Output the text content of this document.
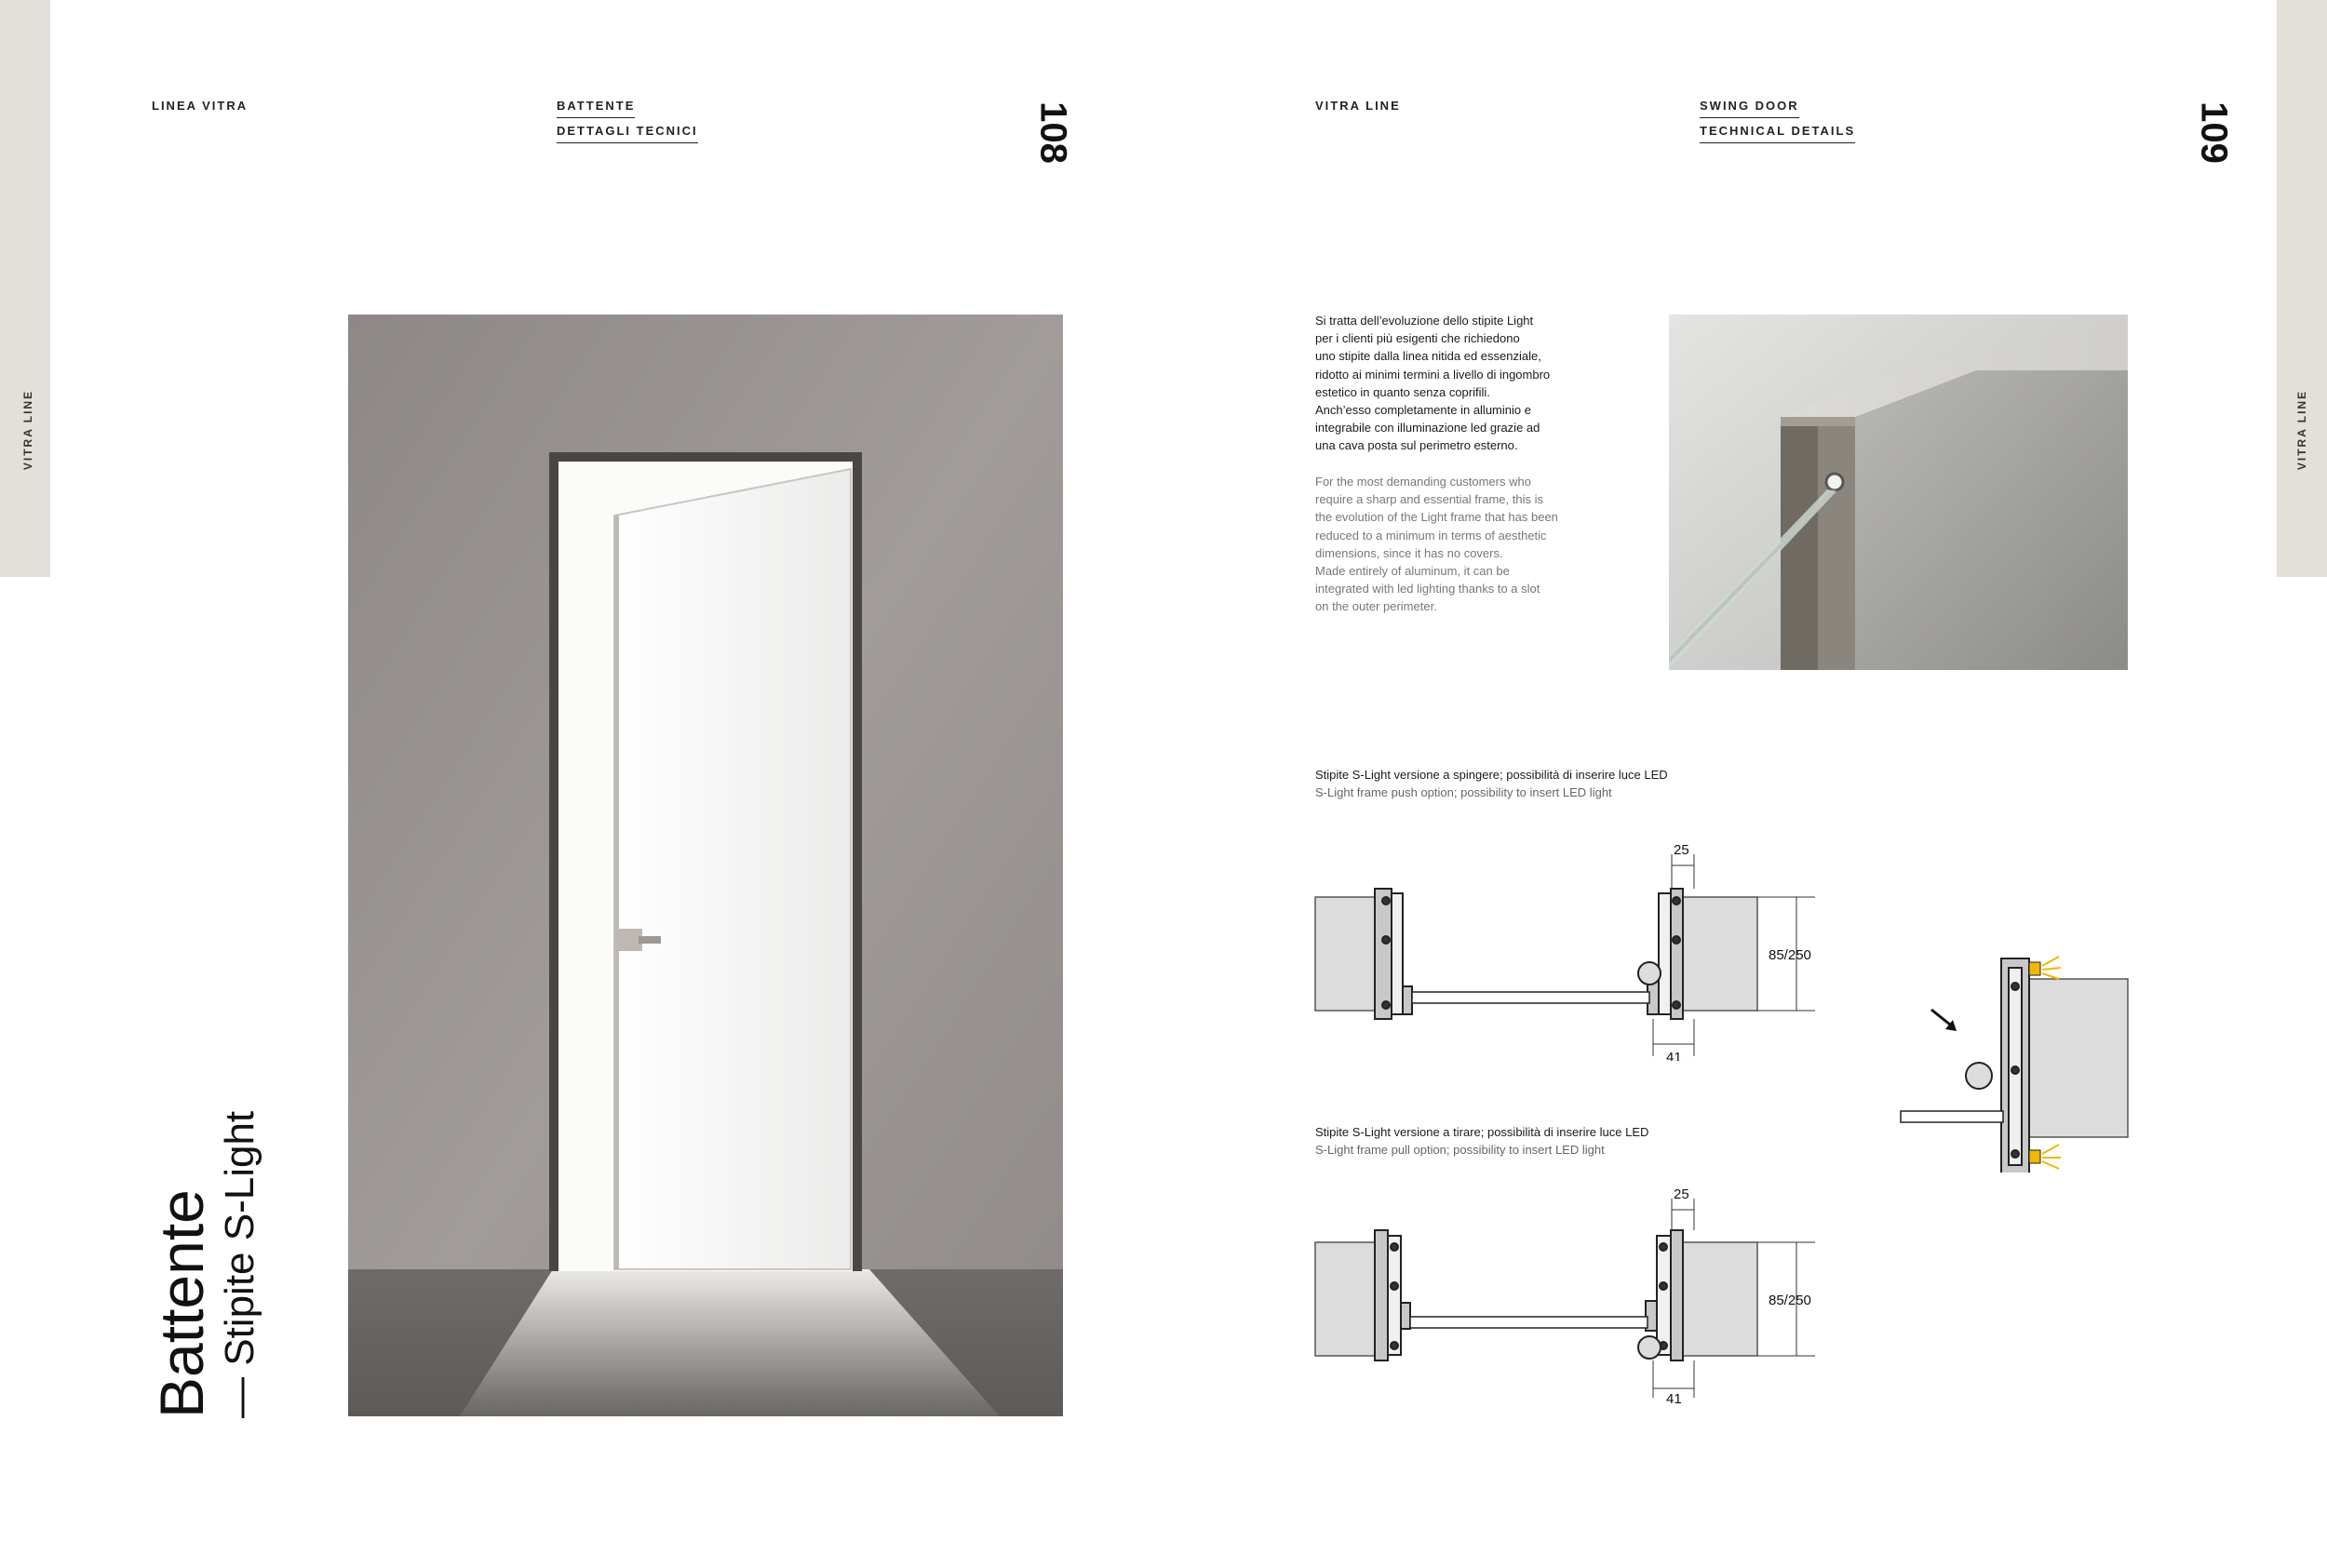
VITRA LINE
LINEA VITRA	BATTENTE
DETTAGLI TECNICI	108
Battente — Stipite S-Light
VITRA LINE
VITRA LINE	SWING DOOR
TECHNICAL DETAILS	109
Si tratta dell’evoluzione dello stipite Light
per i clienti più esigenti che richiedono
uno stipite dalla linea nitida ed essenziale,
ridotto ai minimi termini a livello di ingombro
estetico in quanto senza coprifili.
Anch’esso completamente in alluminio e
integrabile con illuminazione led grazie ad
una cava posta sul perimetro esterno.
For the most demanding customers who
require a sharp and essential frame, this is
the evolution of the Light frame that has been
reduced to a minimum in terms of aesthetic
dimensions, since it has no covers.
Made entirely of aluminum, it can be
integrated with led lighting thanks to a slot
on the outer perimeter.
Stipite S-Light versione a spingere; possibilità di inserire luce LED
S-Light frame push option; possibility to insert LED light
25
85/250
41
Stipite S-Light versione a tirare; possibilità di inserire luce LED
S-Light frame pull option; possibility to insert LED light
25
85/250
41
